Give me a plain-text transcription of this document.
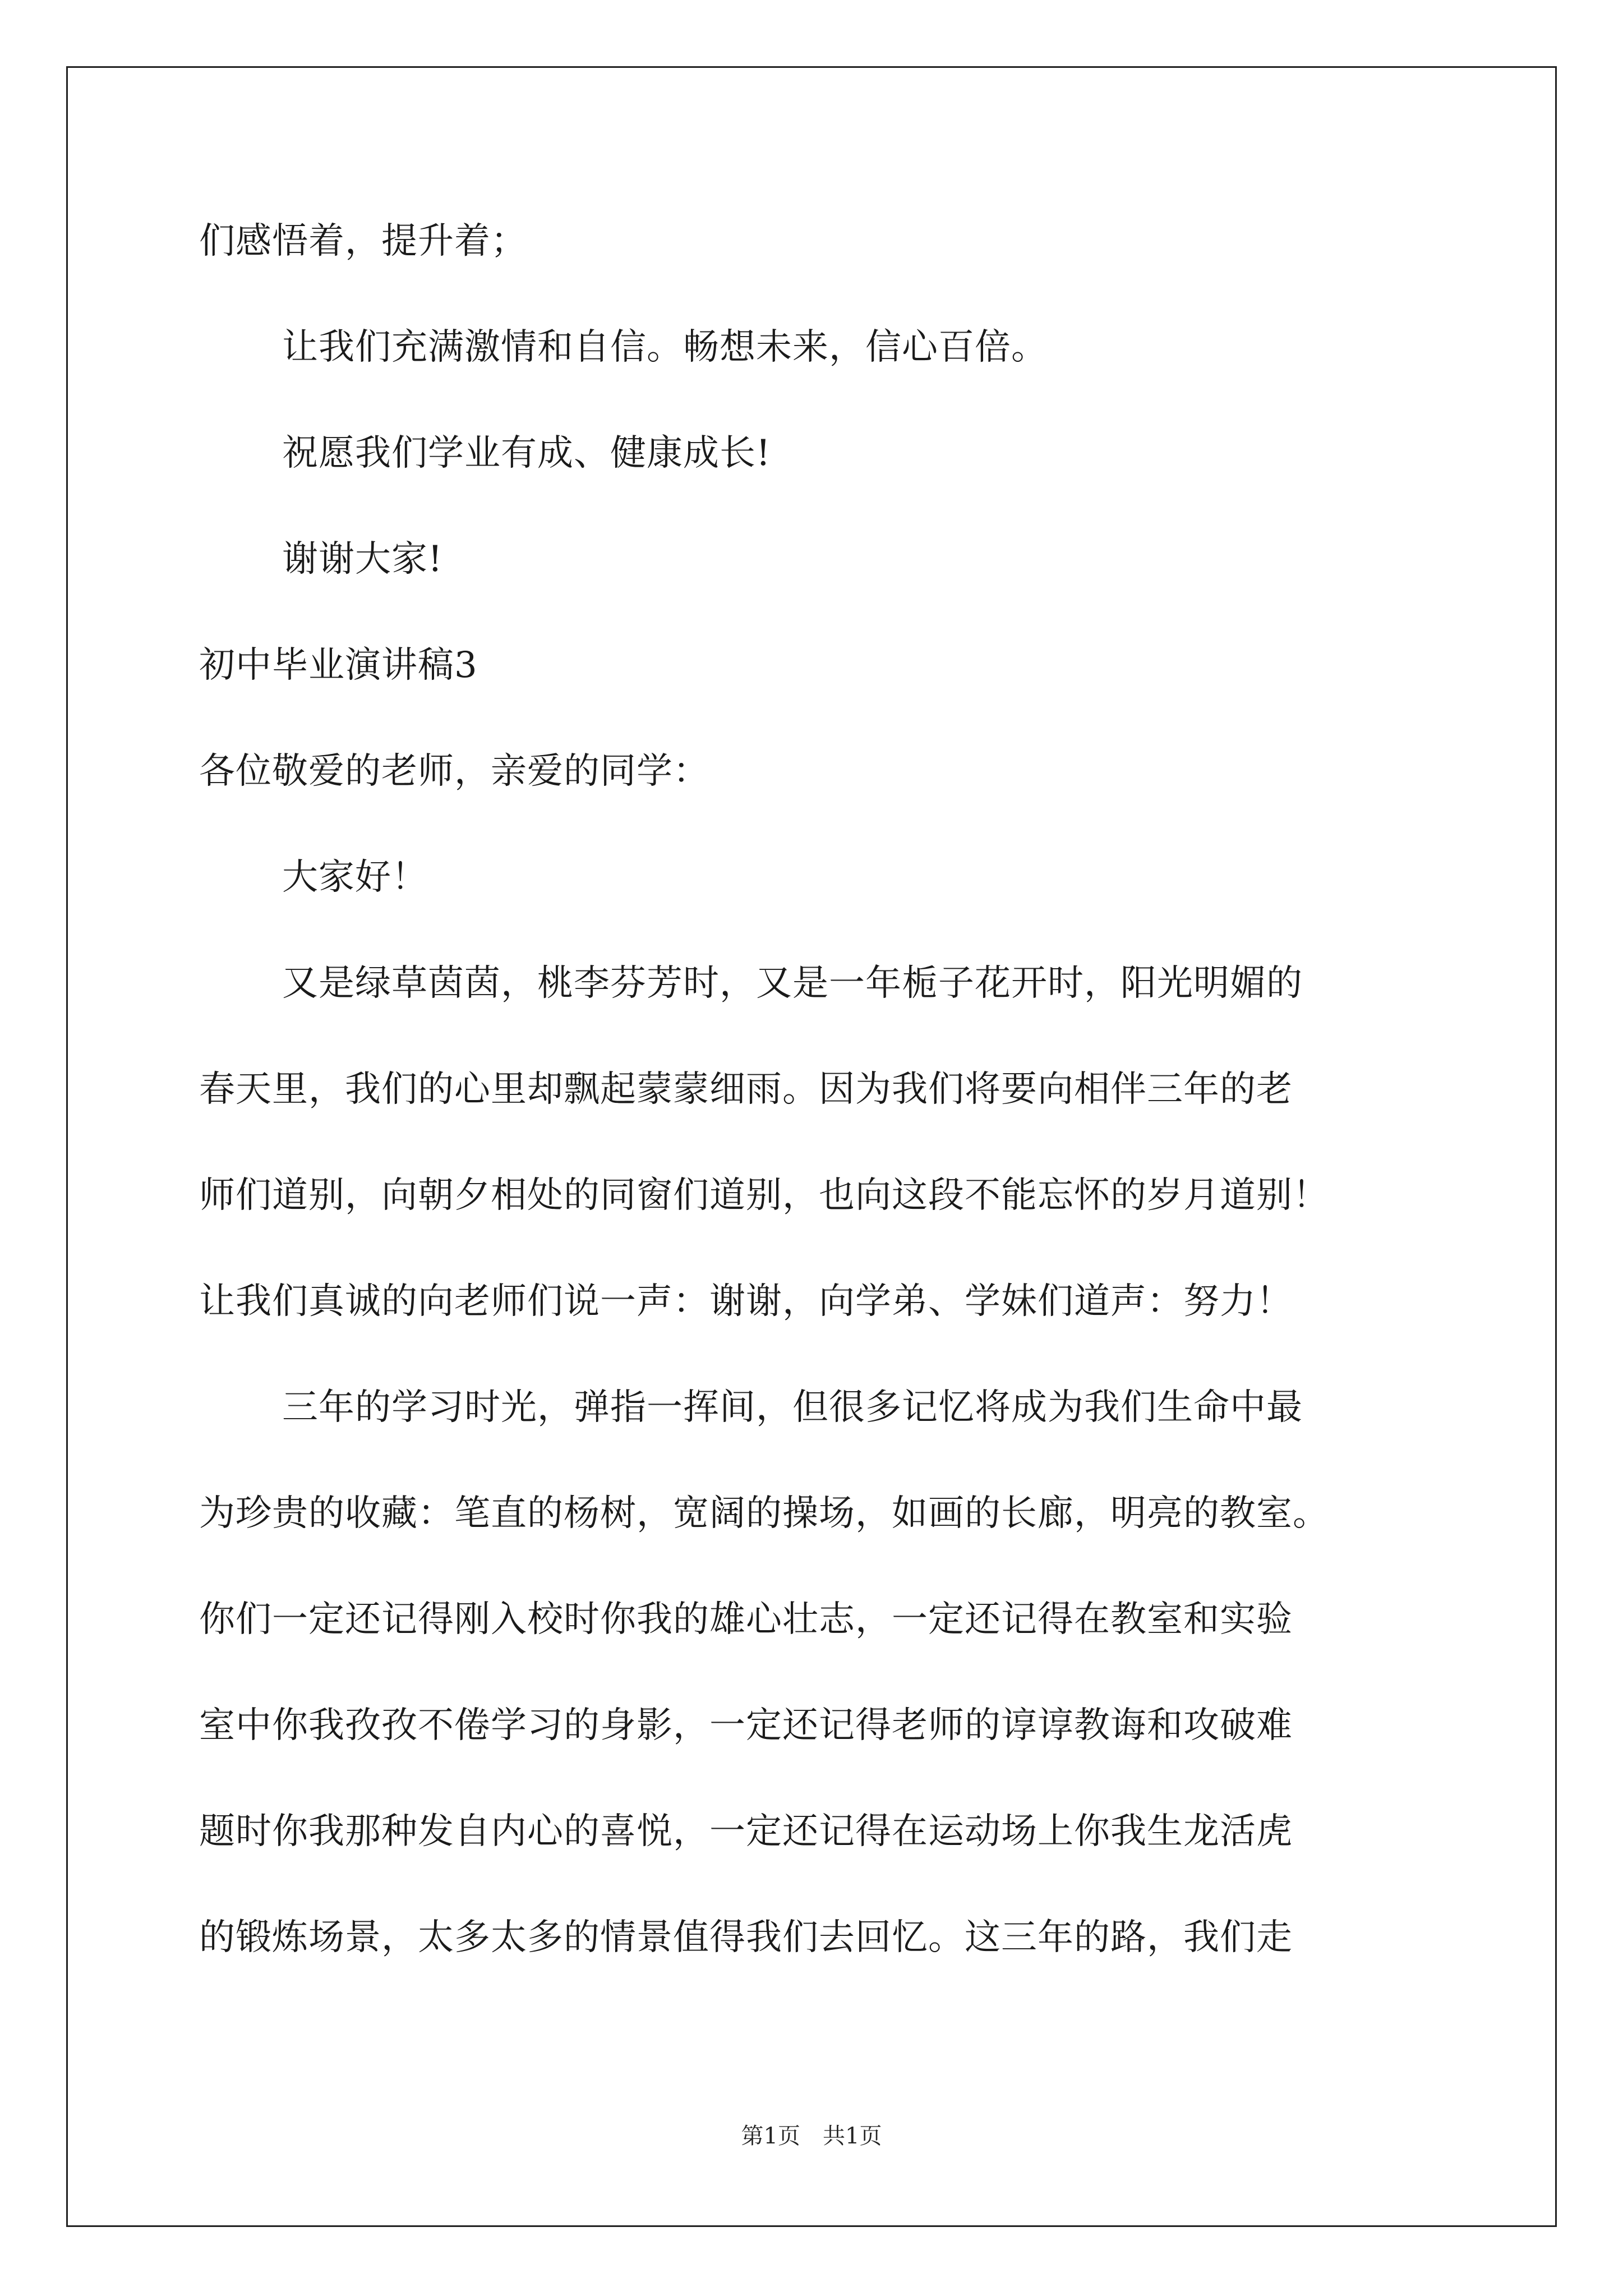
们感悟着，提升着；
让我们充满激情和自信。畅想未来，信心百倍。
祝愿我们学业有成、健康成长!
谢谢大家!
初中毕业演讲稿3
各位敬爱的老师，亲爱的同学：
大家好！
又是绿草茵茵，桃李芬芳时，又是一年栀子花开时，阳光明媚的
春天里，我们的心里却飘起蒙蒙细雨。因为我们将要向相伴三年的老
师们道别，向朝夕相处的同窗们道别，也向这段不能忘怀的岁月道别！
让我们真诚的向老师们说一声：谢谢，向学弟、学妹们道声：努力！
三年的学习时光，弹指一挥间，但很多记忆将成为我们生命中最
为珍贵的收藏：笔直的杨树，宽阔的操场，如画的长廊，明亮的教室。
你们一定还记得刚入校时你我的雄心壮志，一定还记得在教室和实验
室中你我孜孜不倦学习的身影，一定还记得老师的谆谆教诲和攻破难
题时你我那种发自内心的喜悦，一定还记得在运动场上你我生龙活虎
的锻炼场景，太多太多的情景值得我们去回忆。这三年的路，我们走
第1页　共1页
